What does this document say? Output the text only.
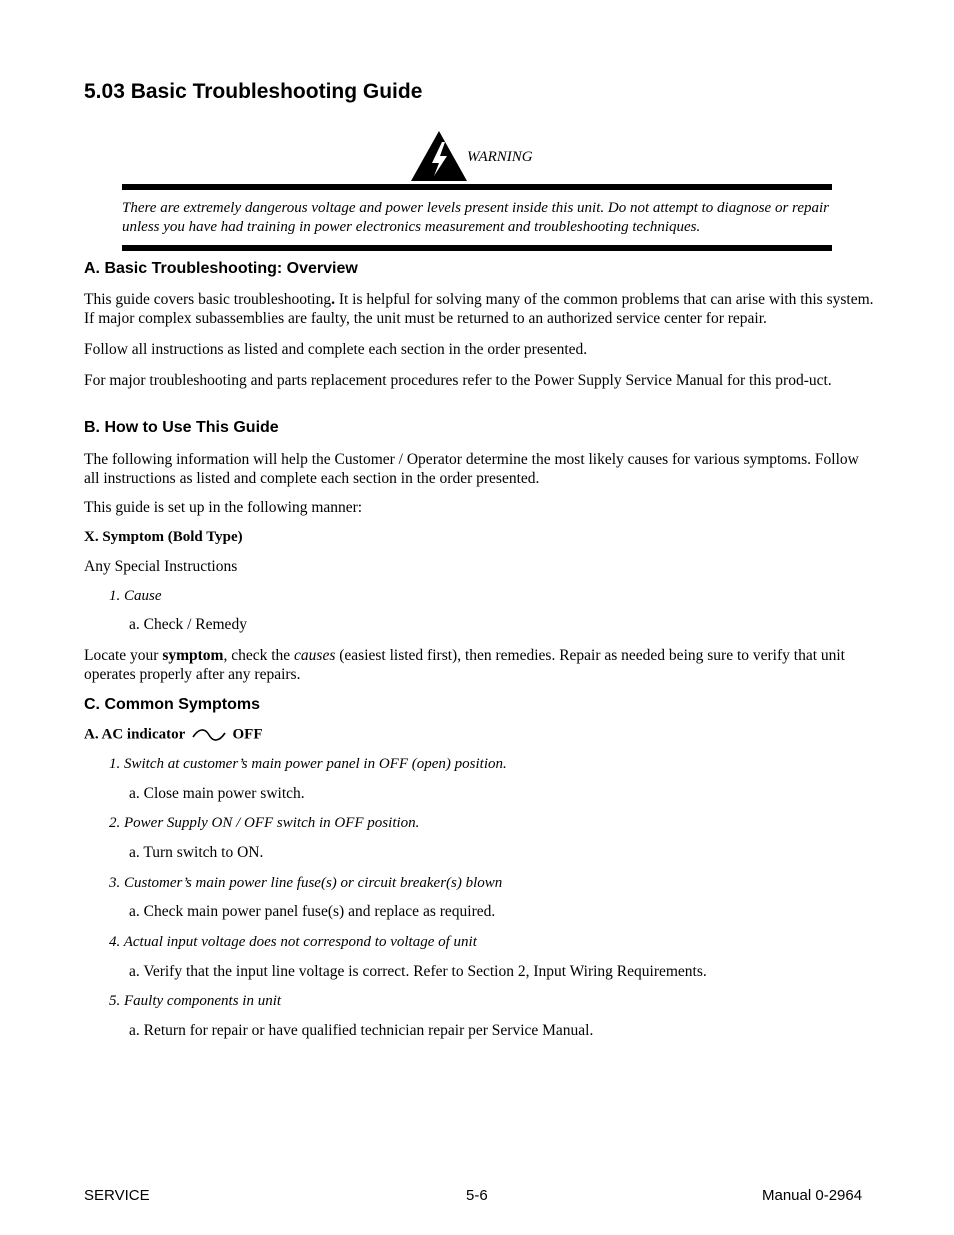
5.03 Basic Troubleshooting Guide
WARNING
There are extremely dangerous voltage and power levels present inside this unit. Do not attempt to diagnose or repair unless you have had training in power electronics measurement and troubleshooting techniques.
A. Basic Troubleshooting: Overview
This guide covers basic troubleshooting. It is helpful for solving many of the common problems that can arise with this system. If major complex subassemblies are faulty, the unit must be returned to an authorized service center for repair.
Follow all instructions as listed and complete each section in the order presented.
For major troubleshooting and parts replacement procedures refer to the Power Supply Service Manual for this prod-uct.
B. How to Use This Guide
The following information will help the Customer / Operator determine the most likely causes for various symptoms. Follow all instructions as listed and complete each section in the order presented.
This guide is set up in the following manner:
X. Symptom (Bold Type)
Any Special Instructions
1. Cause
a. Check / Remedy
Locate your symptom, check the causes (easiest listed first), then remedies. Repair as needed being sure to verify that unit operates properly after any repairs.
C. Common Symptoms
A. AC indicator	OFF
1. Switch at customer’s main power panel in OFF (open) position.
a. Close main power switch.
2. Power Supply ON / OFF switch in OFF position.
a. Turn switch to ON.
3. Customer’s main power line fuse(s) or circuit breaker(s) blown
a. Check main power panel fuse(s) and replace as required.
4. Actual input voltage does not correspond to voltage of unit
a. Verify that the input line voltage is correct. Refer to Section 2, Input Wiring Requirements.
5. Faulty components in unit
a. Return for repair or have qualified technician repair per Service Manual.
SERVICE	5-6	Manual 0-2964
